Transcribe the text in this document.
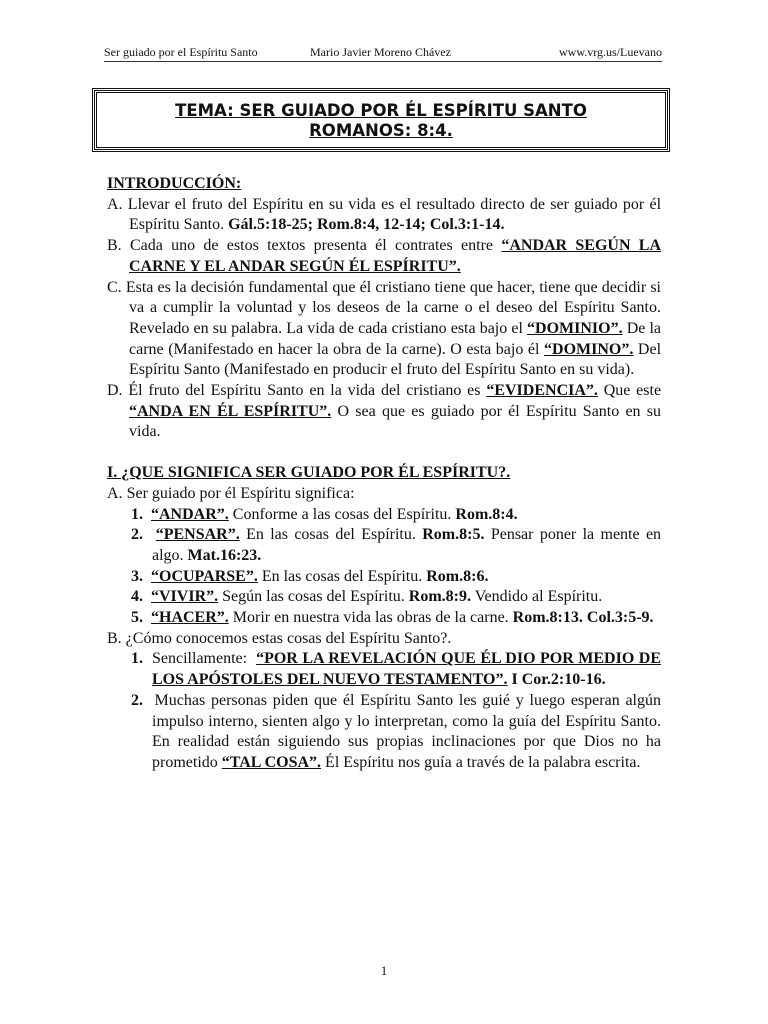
Ser guiado por el Espíritu Santo	Mario Javier Moreno Chávez	www.vrg.us/Luevano
TEMA: SER GUIADO POR ÉL ESPÍRITU SANTO
ROMANOS: 8:4.

INTRODUCCIÓN:

A. Llevar el fruto del Espíritu en su vida es el resultado directo de ser guiado por él Espíritu Santo. Gál.5:18-25; Rom.8:4, 12-14; Col.3:1-14.

B. Cada uno de estos textos presenta él contrates entre “ANDAR SEGÚN LA CARNE Y EL ANDAR SEGÚN ÉL ESPÍRITU”.

C. Esta es la decisión fundamental que él cristiano tiene que hacer, tiene que decidir si va a cumplir la voluntad y los deseos de la carne o el deseo del Espíritu Santo. Revelado en su palabra. La vida de cada cristiano esta bajo el “DOMINIO”. De la carne (Manifestado en hacer la obra de la carne). O esta bajo él “DOMINO”. Del Espíritu Santo (Manifestado en producir el fruto del Espíritu Santo en su vida).

D. Él fruto del Espíritu Santo en la vida del cristiano es “EVIDENCIA”. Que este “ANDA EN ÉL ESPÍRITU”. O sea que es guiado por él Espíritu Santo en su vida.

I. ¿QUE SIGNIFICA SER GUIADO POR ÉL ESPÍRITU?.

A. Ser guiado por él Espíritu significa:

1. “ANDAR”. Conforme a las cosas del Espíritu. Rom.8:4.

2. “PENSAR”. En las cosas del Espíritu. Rom.8:5. Pensar poner la mente en algo. Mat.16:23.

3. “OCUPARSE”. En las cosas del Espíritu. Rom.8:6.

4. “VIVIR”. Según las cosas del Espíritu. Rom.8:9. Vendido al Espíritu.

5. “HACER”. Morir en nuestra vida las obras de la carne. Rom.8:13. Col.3:5-9.

B. ¿Cómo conocemos estas cosas del Espíritu Santo?.

1. Sencillamente: “POR LA REVELACIÓN QUE ÉL DIO POR MEDIO DE LOS APÓSTOLES DEL NUEVO TESTAMENTO”. I Cor.2:10-16.

2. Muchas personas piden que él Espíritu Santo les guié y luego esperan algún impulso interno, sienten algo y lo interpretan, como la guía del Espíritu Santo. En realidad están siguiendo sus propias inclinaciones por que Dios no ha prometido “TAL COSA”. Él Espíritu nos guía a través de la palabra escrita.

1
